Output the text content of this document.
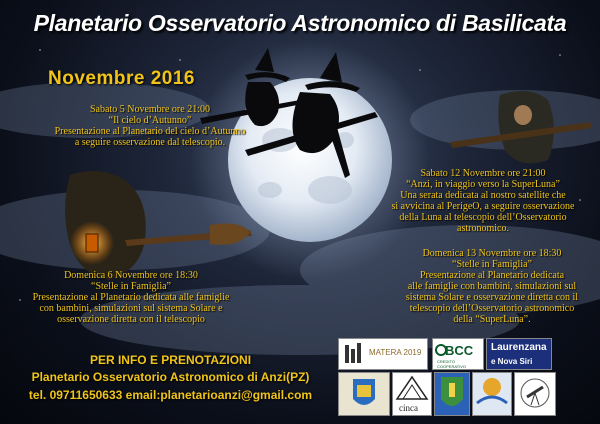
Planetario Osservatorio Astronomico di Basilicata
Novembre 2016
Sabato 5 Novembre ore 21:00
“Il cielo d’Autunno”
Presentazione al Planetario del cielo d’Autunno
a seguire osservazione dal telescopio.
Sabato 12 Novembre ore 21:00
“Anzi, in viaggio verso la SuperLuna”
Una serata dedicata al nostro satellite che
si avvicina al PerigeO, a seguire osservazione
della Luna al telescopio dell’Osservatorio
astronomico.
Domenica 6 Novembre ore 18:30
“Stelle in Famiglia”
Presentazione al Planetario dedicata alle famiglie
con bambini, simulazioni sul sistema Solare e
osservazione diretta con il telescopio
Domenica 13 Novembre ore 18:30
“Stelle in Famiglia”
Presentazione al Planetario dedicata
alle famiglie con bambini, simulazioni sul
sistema Solare e osservazione diretta con il
telescopio dell’Osservatorio astronomico
della “SuperLuna”.
PER INFO E PRENOTAZIONI
Planetario Osservatorio Astronomico di Anzi(PZ)
tel. 09711650633 email:planetarioanzi@gmail.com
MATERA 2019 BCC
CREDITO COOPERATIVO
Laurenzana
e Nova Siri
cinca
